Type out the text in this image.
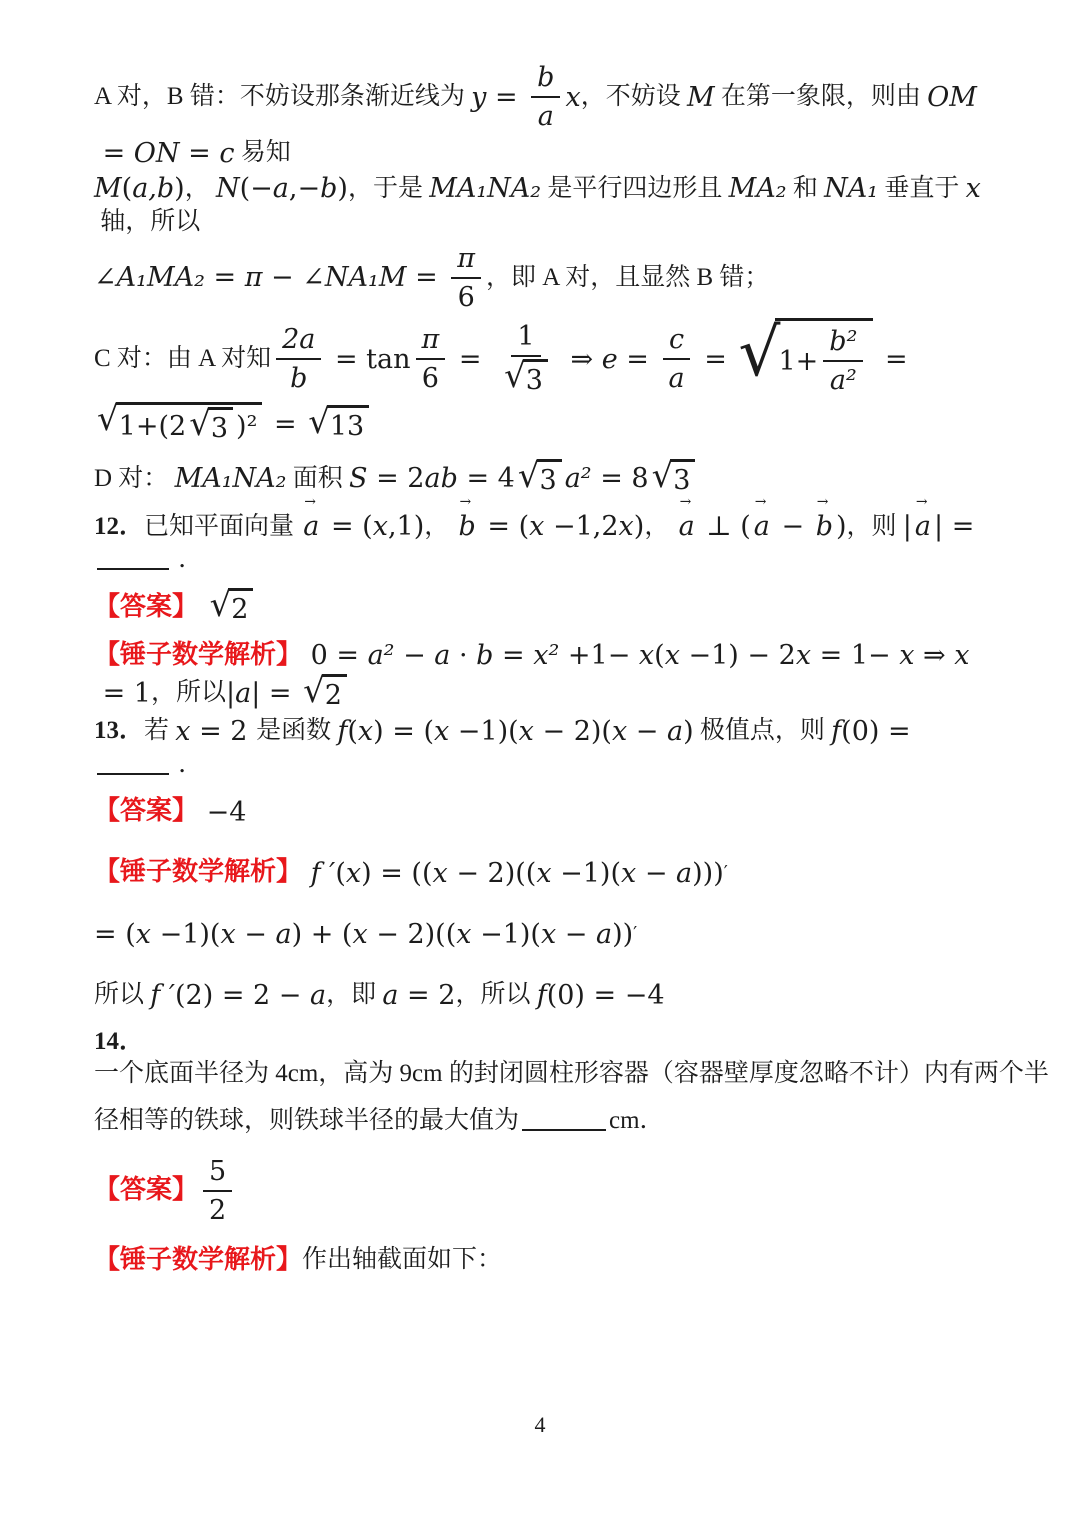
A 对，B 错：不妨设那条渐近线为 $y = \frac{b}{a}$ x ，不妨设 M 在第一象限，则由 OM
= ON = c 易知
M ( a,b ) ， N (− a ,− b ) ，于是 MA₁NA₂ 是平行四边形且 MA₂ 和 NA₁ 垂直于 x
轴，所以
∠ A₁MA₂ = π − ∠ $NA_1M = \frac{\pi}{6}$ ，即 A 对，且显然 B 错；
C 对：由 A 对知 $\frac{2a}{b} = \tan \frac{\pi}{6} = \frac{1}{√ 3}$ ⇒ $e = \frac{c}{a}$ = √
$1+ \frac{\text{b²}}{\text{a²}}$ =
√ 1+(2 √ 3 )² = √ 13
D 对： MA₁NA₂ 面积 S = 2 ab = 4 √ 3 a² = 8 √ 3
12． 已知平面向量
→
a = ( x ,1) ，
→
b = ( x −1,2 x ) ，
→
a ⊥ (
→
a −
→
b ) ，则 |
→
a | =
．
【答案】
√ 2
【锤子数学解析】 0 = a² − a · b = x² +1− x ( x −1) − 2 x = 1− x ⇒ x
= 1 ，所以 | a | = √ 2
13． 若 x = 2 是函数 f ( x ) = ( x −1)( x − 2)( x − a ) 极值点，则 f (0) =
．
【答案】 −4
【锤子数学解析】
f ′ ( x ) = (( x − 2)(( x −1)( x − a ))) ′
= ( x −1)( x − a ) + ( x − 2)(( x −1)( x − a )) ′
所以 f ′ (2) = 2 − a ，即 a = 2 ，所以 f (0) = −4
14．
一个底面半径为 4cm，高为 9cm 的封闭圆柱形容器（容器壁厚度忽略不计）内有两个半
径相等的铁球，则铁球半径的最大值为	cm．
【答案】 $\frac{5}{2}$
【锤子数学解析】 作出轴截面如下：
4
